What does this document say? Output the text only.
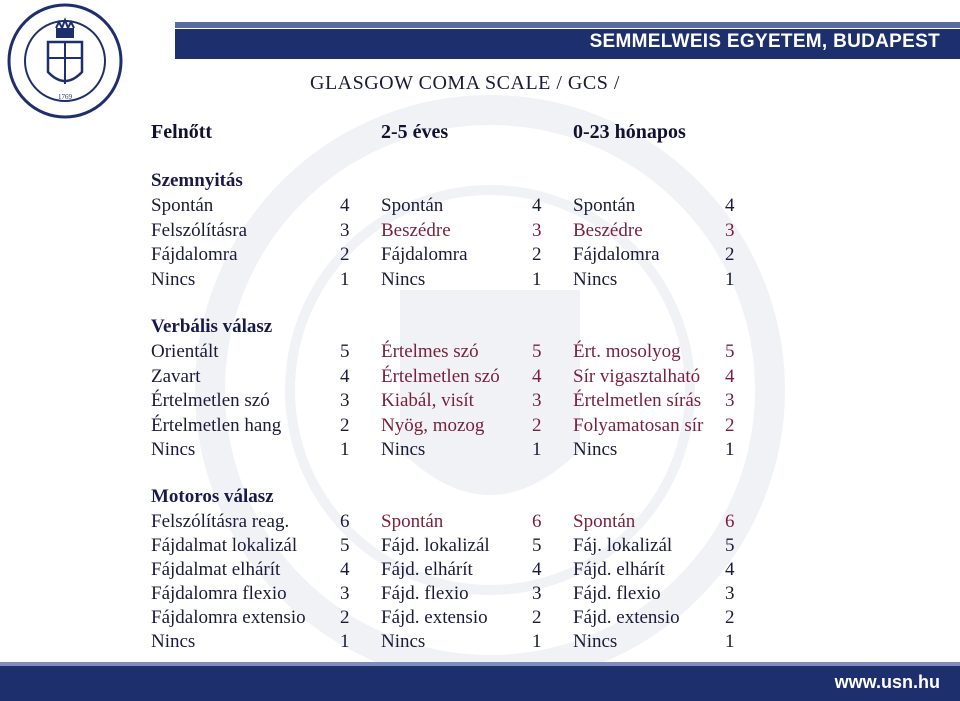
SEMMELWEIS EGYETEM, BUDAPEST
1769
www.usn.hu
GLASGOW COMA SCALE / GCS /
Felnőtt	2-5 éves	0-23 hónapos
Szemnyitás
Spontán	4 Spontán	4 Spontán	4
Felszólításra	3 Beszédre	3 Beszédre	3
Fájdalomra	2 Fájdalomra	2 Fájdalomra	2
Nincs	1 Nincs	1 Nincs	1
Verbális válasz
Orientált	5 Értelmes szó	5 Ért. mosolyog 5
Zavart	4 Értelmetlen szó 4 Sír vigasztalható 4
Értelmetlen szó	3 Kiabál, visít	3 Értelmetlen sírás 3
Értelmetlen hang	2 Nyög, mozog	2 Folyamatosan sír 2
Nincs	1 Nincs	1 Nincs	1
Motoros válasz
Felszólításra reag.	6 Spontán	6 Spontán	6
Fájdalmat lokalizál 5 Fájd. lokalizál 5 Fáj. lokalizál	5
Fájdalmat elhárít	4 Fájd. elhárít	4 Fájd. elhárít	4
Fájdalomra flexio	3 Fájd. flexio	3 Fájd. flexio	3
Fájdalomra extensio 2 Fájd. extensio 2 Fájd. extensio 2
Nincs	1 Nincs	1 Nincs	1
